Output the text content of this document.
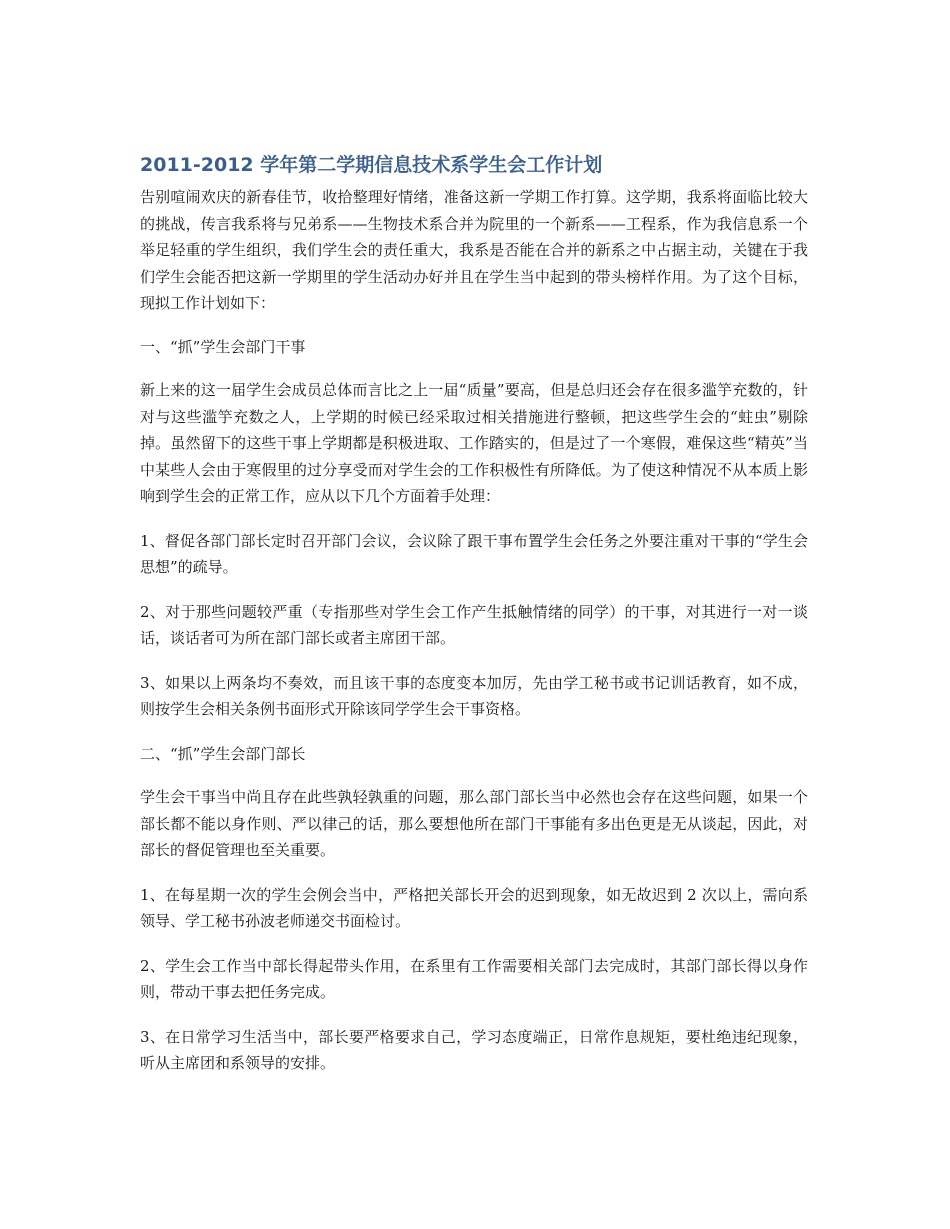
2011-2012 学年第二学期信息技术系学生会工作计划

告别喧闹欢庆的新春佳节，收拾整理好情绪，准备这新一学期工作打算。这学期，我系将面临比较大的挑战，传言我系将与兄弟系——生物技术系合并为院里的一个新系——工程系，作为我信息系一个举足轻重的学生组织，我们学生会的责任重大，我系是否能在合并的新系之中占据主动，关键在于我们学生会能否把这新一学期里的学生活动办好并且在学生当中起到的带头榜样作用。为了这个目标，现拟工作计划如下：

一、“抓”学生会部门干事

新上来的这一届学生会成员总体而言比之上一届“质量”要高，但是总归还会存在很多滥竽充数的，针对与这些滥竽充数之人，上学期的时候已经采取过相关措施进行整顿，把这些学生会的“蛀虫”剔除掉。虽然留下的这些干事上学期都是积极进取、工作踏实的，但是过了一个寒假，难保这些“精英”当中某些人会由于寒假里的过分享受而对学生会的工作积极性有所降低。为了使这种情况不从本质上影响到学生会的正常工作，应从以下几个方面着手处理：

1、督促各部门部长定时召开部门会议，会议除了跟干事布置学生会任务之外要注重对干事的“学生会思想”的疏导。

2、对于那些问题较严重（专指那些对学生会工作产生抵触情绪的同学）的干事，对其进行一对一谈话，谈话者可为所在部门部长或者主席团干部。

3、如果以上两条均不奏效，而且该干事的态度变本加厉，先由学工秘书或书记训话教育，如不成，则按学生会相关条例书面形式开除该同学学生会干事资格。

二、“抓”学生会部门部长

学生会干事当中尚且存在此些孰轻孰重的问题，那么部门部长当中必然也会存在这些问题，如果一个部长都不能以身作则、严以律己的话，那么要想他所在部门干事能有多出色更是无从谈起，因此，对部长的督促管理也至关重要。

1、在每星期一次的学生会例会当中，严格把关部长开会的迟到现象，如无故迟到 2 次以上，需向系领导、学工秘书孙波老师递交书面检讨。

2、学生会工作当中部长得起带头作用，在系里有工作需要相关部门去完成时，其部门部长得以身作则，带动干事去把任务完成。

3、在日常学习生活当中，部长要严格要求自己，学习态度端正，日常作息规矩，要杜绝违纪现象，听从主席团和系领导的安排。
